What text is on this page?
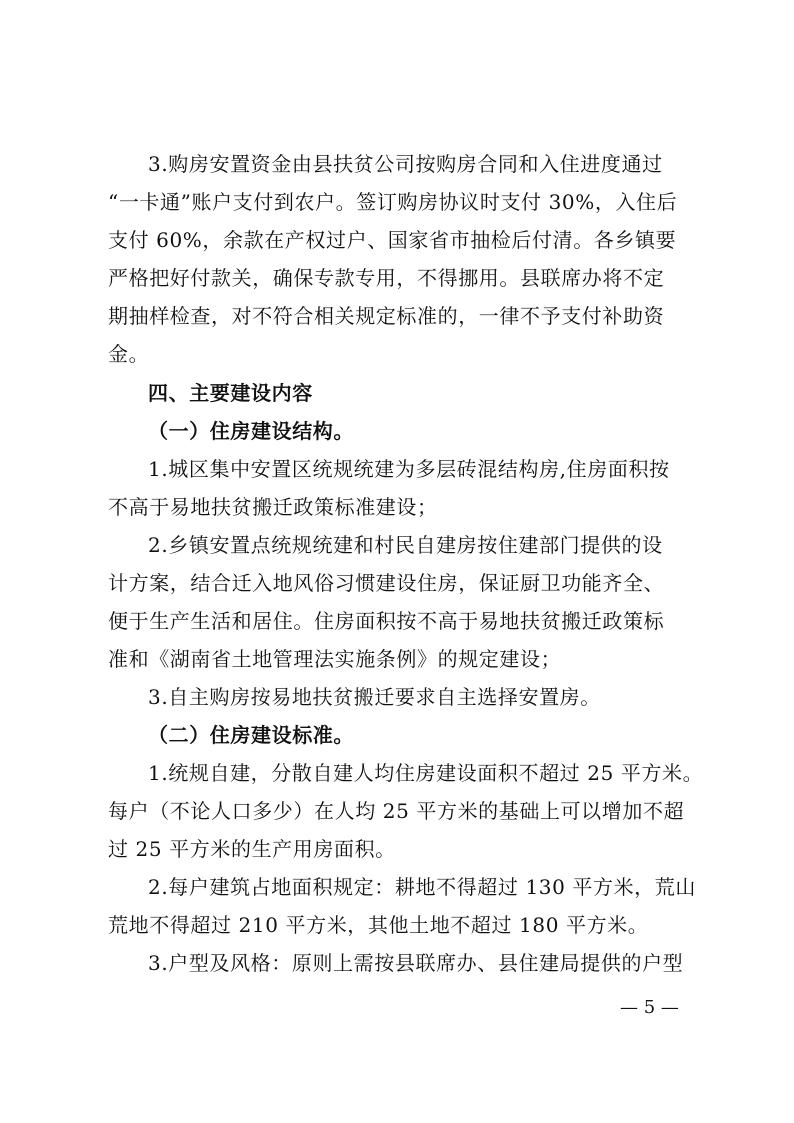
3.购房安置资金由县扶贫公司按购房合同和入住进度通过
“一卡通”账户支付到农户。签订购房协议时支付 30%，入住后
支付 60%，余款在产权过户、国家省市抽检后付清。各乡镇要
严格把好付款关，确保专款专用，不得挪用。县联席办将不定
期抽样检查，对不符合相关规定标准的，一律不予支付补助资
金。
四、主要建设内容
（一）住房建设结构。
1.城区集中安置区统规统建为多层砖混结构房,住房面积按
不高于易地扶贫搬迁政策标准建设；
2.乡镇安置点统规统建和村民自建房按住建部门提供的设
计方案，结合迁入地风俗习惯建设住房，保证厨卫功能齐全、
便于生产生活和居住。住房面积按不高于易地扶贫搬迁政策标
准和《湖南省土地管理法实施条例》的规定建设；
3.自主购房按易地扶贫搬迁要求自主选择安置房。
（二）住房建设标准。
1.统规自建，分散自建人均住房建设面积不超过 25 平方米。
每户（不论人口多少）在人均 25 平方米的基础上可以增加不超
过 25 平方米的生产用房面积。
2.每户建筑占地面积规定：耕地不得超过 130 平方米，荒山
荒地不得超过 210 平方米，其他土地不超过 180 平方米。
3.户型及风格：原则上需按县联席办、县住建局提供的户型
— 5 —
